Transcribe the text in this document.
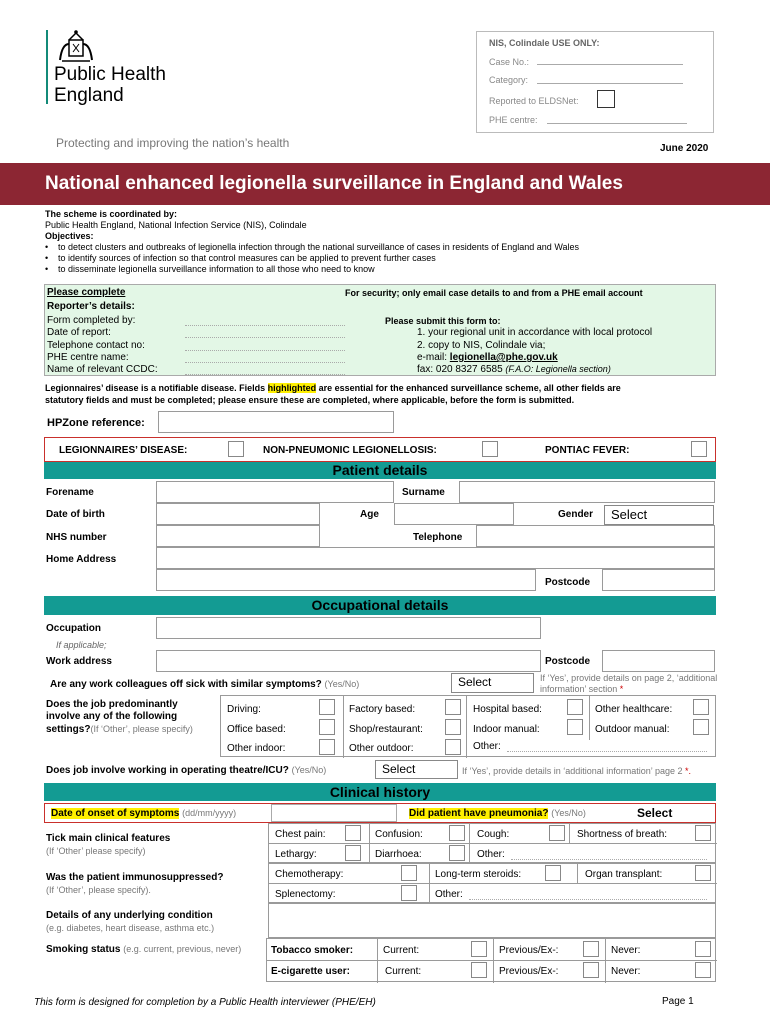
Public Health
England
Protecting and improving the nation’s health	June 2020
NIS, Colindale USE ONLY:
Case No.:
Category:
Reported to ELDSNet:
PHE centre:
National enhanced legionella surveillance in England and Wales
The scheme is coordinated by:
Public Health England, National Infection Service (NIS), Colindale
Objectives:
• to detect clusters and outbreaks of legionella infection through the national surveillance of cases in residents of England and Wales
• to identify sources of infection so that control measures can be applied to prevent further cases
• to disseminate legionella surveillance information to all those who need to know
Please complete	For security; only email case details to and from a PHE email account
Reporter’s details:
Form completed by:
Date of report:
Telephone contact no:
PHE centre name:
Name of relevant CCDC:
Please submit this form to:
1. your regional unit in accordance with local protocol
2. copy to NIS, Colindale via;
e-mail: legionella@phe.gov.uk
fax: 020 8327 6585 (F.A.O: Legionella section)
Legionnaires’ disease is a notifiable disease. Fields highlighted are essential for the enhanced surveillance scheme, all other fields are
statutory fields and must be completed; please ensure these are completed, where applicable, before the form is submitted.
HPZone reference:
LEGIONNAIRES’ DISEASE:	NON-PNEUMONIC LEGIONELLOSIS:	PONTIAC FEVER:
Patient details
Forename	Surname
Date of birth	Age	Gender	Select
NHS number	Telephone
Home Address
Postcode
Occupational details
Occupation
If applicable;
Work address	Postcode
Are any work colleagues off sick with similar symptoms? (Yes/No)	Select	If ‘Yes’, provide details on page 2, ‘additional information’ section *
Does the job predominantly
involve any of the following
settings?(If ‘Other’, please specify)
Driving:	Factory based:	Hospital based:	Other healthcare:
Office based:	Shop/restaurant:	Indoor manual:	Outdoor manual:
Other indoor:	Other outdoor:	Other:
Does job involve working in operating theatre/ICU? (Yes/No)	Select	If ‘Yes’, provide details in ‘additional information’ page 2 *.
Clinical history
Date of onset of symptoms (dd/mm/yyyy)	Did patient have pneumonia? (Yes/No)	Select
Tick main clinical features
(If ‘Other’ please specify)
Chest pain:	Confusion:	Cough:	Shortness of breath:
Lethargy:	Diarrhoea:	Other:
Was the patient immunosuppressed?
(If ‘Other’, please specify).
Chemotherapy:	Long-term steroids:	Organ transplant:
Splenectomy:	Other:
Details of any underlying condition
(e.g. diabetes, heart disease, asthma etc.)
Smoking status (e.g. current, previous, never)	Tobacco smoker:	Current:	Previous/Ex-:	Never:
E-cigarette user:	Current:	Previous/Ex-:	Never:
This form is designed for completion by a Public Health interviewer (PHE/EH)	Page 1
